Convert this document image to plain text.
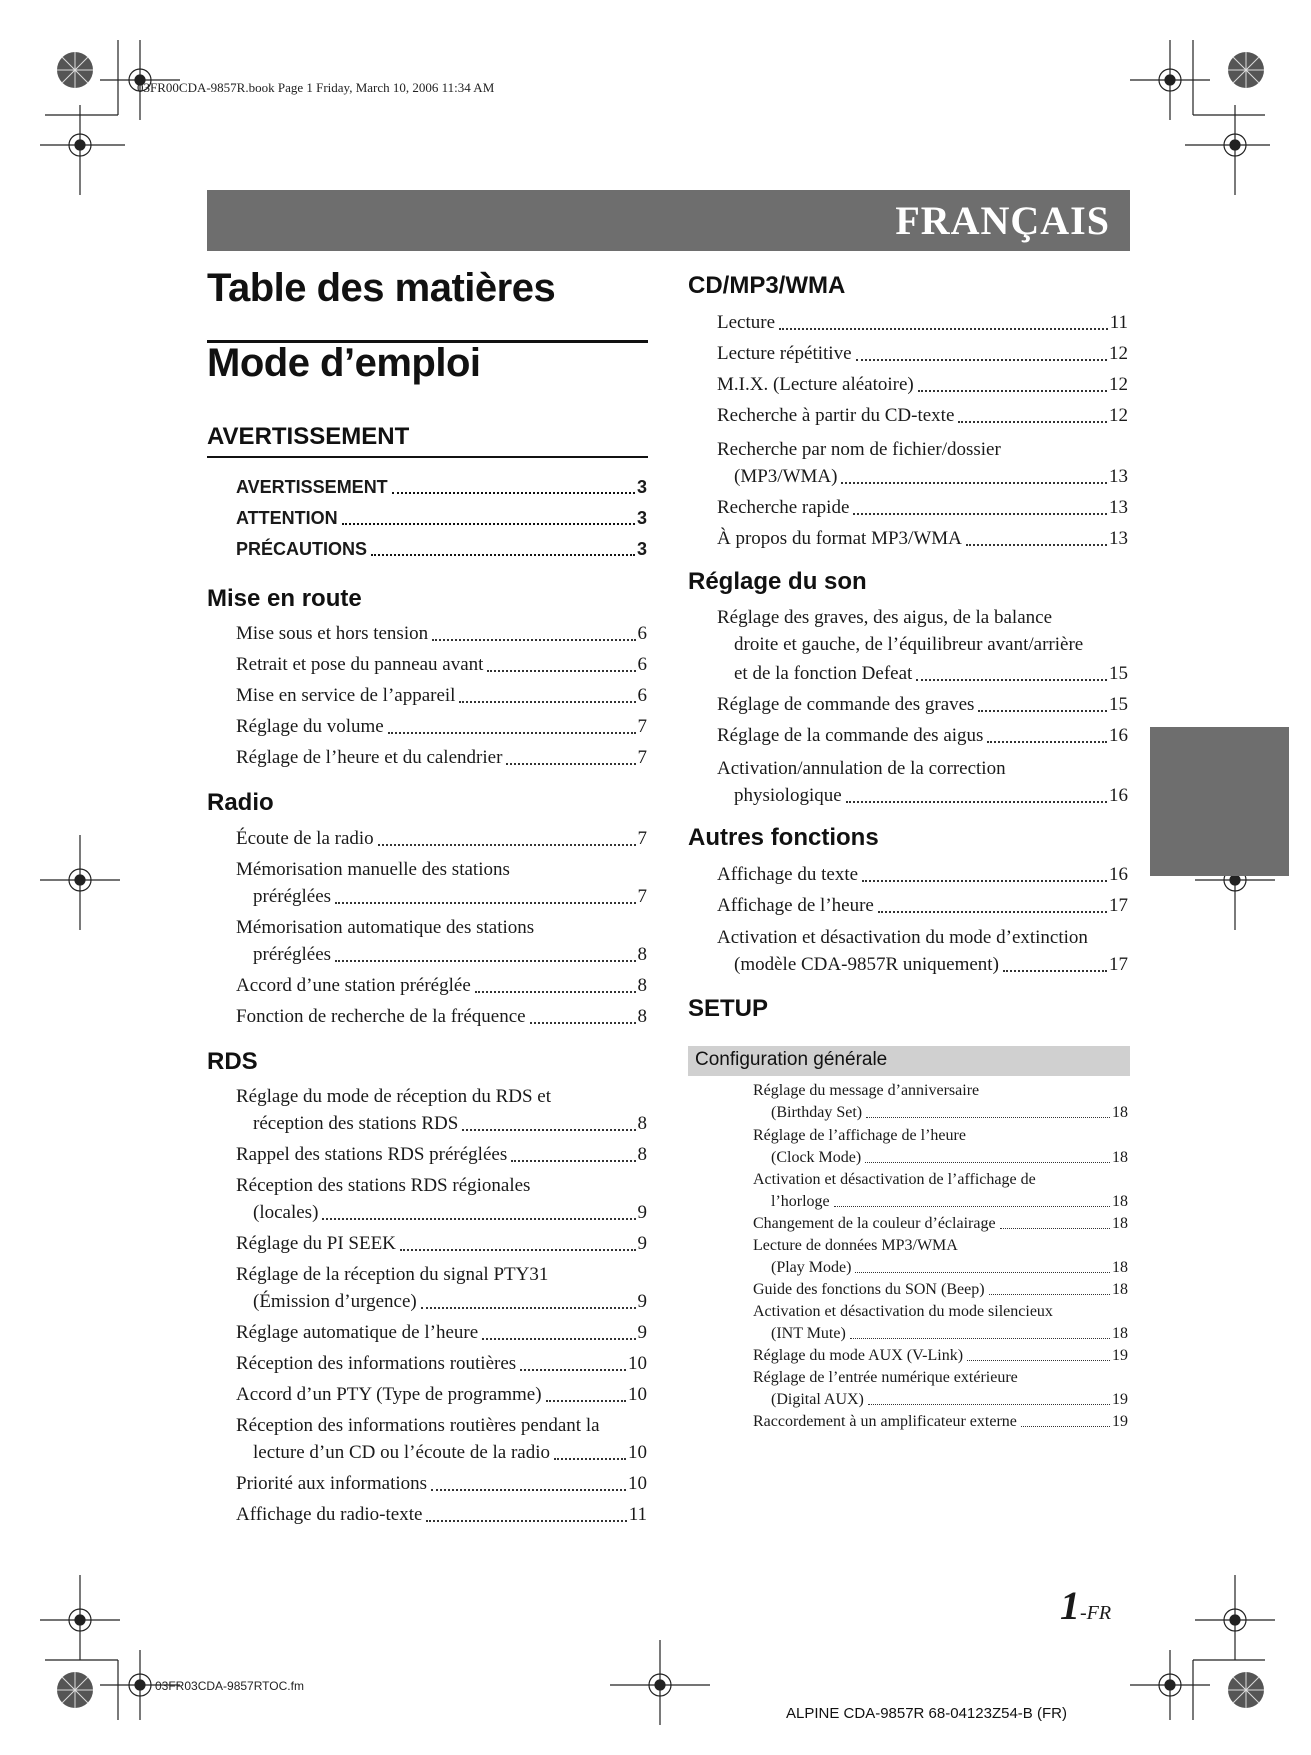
03FR00CDA-9857R.book Page 1 Friday, March 10, 2006 11:34 AM
03FR03CDA-9857RTOC.fm
ALPINE CDA-9857R 68-04123Z54-B (FR)
FRANÇAIS
Table des matières
Mode d’emploi
AVERTISSEMENT
AVERTISSEMENT	3
ATTENTION	3
PRÉCAUTIONS	3
Mise en route
Mise sous et hors tension	6
Retrait et pose du panneau avant	6
Mise en service de l’appareil	6
Réglage du volume	7
Réglage de l’heure et du calendrier	7
Radio
Écoute de la radio	7
Mémorisation manuelle des stations
préréglées	7
Mémorisation automatique des stations
préréglées	8
Accord d’une station préréglée	8
Fonction de recherche de la fréquence	8
RDS
Réglage du mode de réception du RDS et
réception des stations RDS	8
Rappel des stations RDS préréglées	8
Réception des stations RDS régionales
(locales)	9
Réglage du PI SEEK	9
Réglage de la réception du signal PTY31
(Émission d’urgence)	9
Réglage automatique de l’heure	9
Réception des informations routières	10
Accord d’un PTY (Type de programme)	10
Réception des informations routières pendant la
lecture d’un CD ou l’écoute de la radio	10
Priorité aux informations	10
Affichage du radio-texte	11
CD/MP3/WMA
Lecture	11
Lecture répétitive	12
M.I.X. (Lecture aléatoire)	12
Recherche à partir du CD-texte	12
Recherche par nom de fichier/dossier
(MP3/WMA)	13
Recherche rapide	13
À propos du format MP3/WMA	13
Réglage du son
Réglage des graves, des aigus, de la balance
droite et gauche, de l’équilibreur avant/arrière
et de la fonction Defeat	15
Réglage de commande des graves	15
Réglage de la commande des aigus	16
Activation/annulation de la correction
physiologique	16
Autres fonctions
Affichage du texte	16
Affichage de l’heure	17
Activation et désactivation du mode d’extinction
(modèle CDA-9857R uniquement)	17
SETUP
Configuration générale
Réglage du message d’anniversaire
(Birthday Set)	18
Réglage de l’affichage de l’heure
(Clock Mode)	18
Activation et désactivation de l’affichage de
l’horloge	18
Changement de la couleur d’éclairage	18
Lecture de données MP3/WMA
(Play Mode)	18
Guide des fonctions du SON (Beep)	18
Activation et désactivation du mode silencieux
(INT Mute)	18
Réglage du mode AUX (V-Link)	19
Réglage de l’entrée numérique extérieure
(Digital AUX)	19
Raccordement à un amplificateur externe	19
1-FR
